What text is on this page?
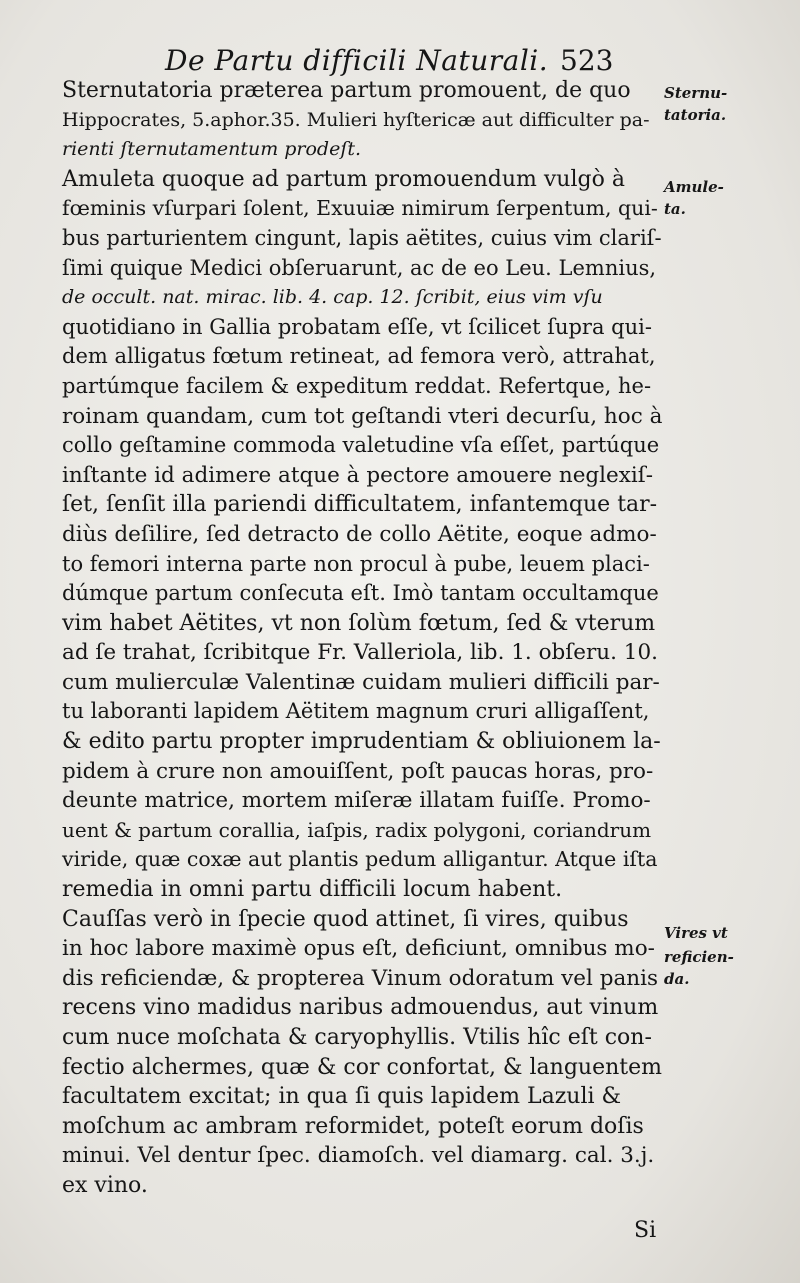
De Partu difficili Naturali. 523
Sternutatoria præterea partum promouent, de quo
Hippocrates, 5.aphor.35. Mulieri hyſtericæ aut difficulter pa-
rienti ſternutamentum prodeſt.
Amuleta quoque ad partum promouendum vulgò à
fœminis vſurpari ſolent, Exuuiæ nimirum ſerpentum, qui-
bus parturientem cingunt, lapis aëtites, cuius vim clariſ-
ſimi quique Medici obſeruarunt, ac de eo Leu. Lemnius,
de occult. nat. mirac. lib. 4. cap. 12. ſcribit, eius vim vſu
quotidiano in Gallia probatam eſſe, vt ſcilicet ſupra qui-
dem alligatus fœtum retineat, ad femora verò, attrahat,
partúmque facilem & expeditum reddat. Refertque, he-
roinam quandam, cum tot geſtandi vteri decurſu, hoc à
collo geſtamine commoda valetudine vſa eſſet, partúque
inſtante id adimere atque à pectore amouere neglexiſ-
ſet, ſenſit illa pariendi difficultatem, infantemque tar-
diùs deſilire, ſed detracto de collo Aëtite, eoque admo-
to femori interna parte non procul à pube, leuem placi-
dúmque partum conſecuta eſt. Imò tantam occultamque
vim habet Aëtites, vt non ſolùm fœtum, ſed & vterum
ad ſe trahat, ſcribitque Fr. Valleriola, lib. 1. obſeru. 10.
cum mulierculæ Valentinæ cuidam mulieri difficili par-
tu laboranti lapidem Aëtitem magnum cruri alligaſſent,
& edito partu propter imprudentiam & obliuionem la-
pidem à crure non amouiſſent, poſt paucas horas, pro-
deunte matrice, mortem miſeræ illatam fuiſſe. Promo-
uent & partum corallia, iaſpis, radix polygoni, coriandrum
viride, quæ coxæ aut plantis pedum alligantur. Atque iſta
remedia in omni partu difficili locum habent.
Cauſſas verò in ſpecie quod attinet, ſi vires, quibus
in hoc labore maximè opus eſt, deficiunt, omnibus mo-
dis reficiendæ, & propterea Vinum odoratum vel panis
recens vino madidus naribus admouendus, aut vinum
cum nuce moſchata & caryophyllis. Vtilis hîc eſt con-
fectio alchermes, quæ & cor confortat, & languentem
facultatem excitat; in qua ſi quis lapidem Lazuli &
moſchum ac ambram reformidet, poteſt eorum doſis
minui. Vel dentur ſpec. diamoſch. vel diamarg. cal. 3.j.
ex vino.
Sternu-
tatoria.
Amule-
ta.
Vires vt
reficien-
da.
Si
